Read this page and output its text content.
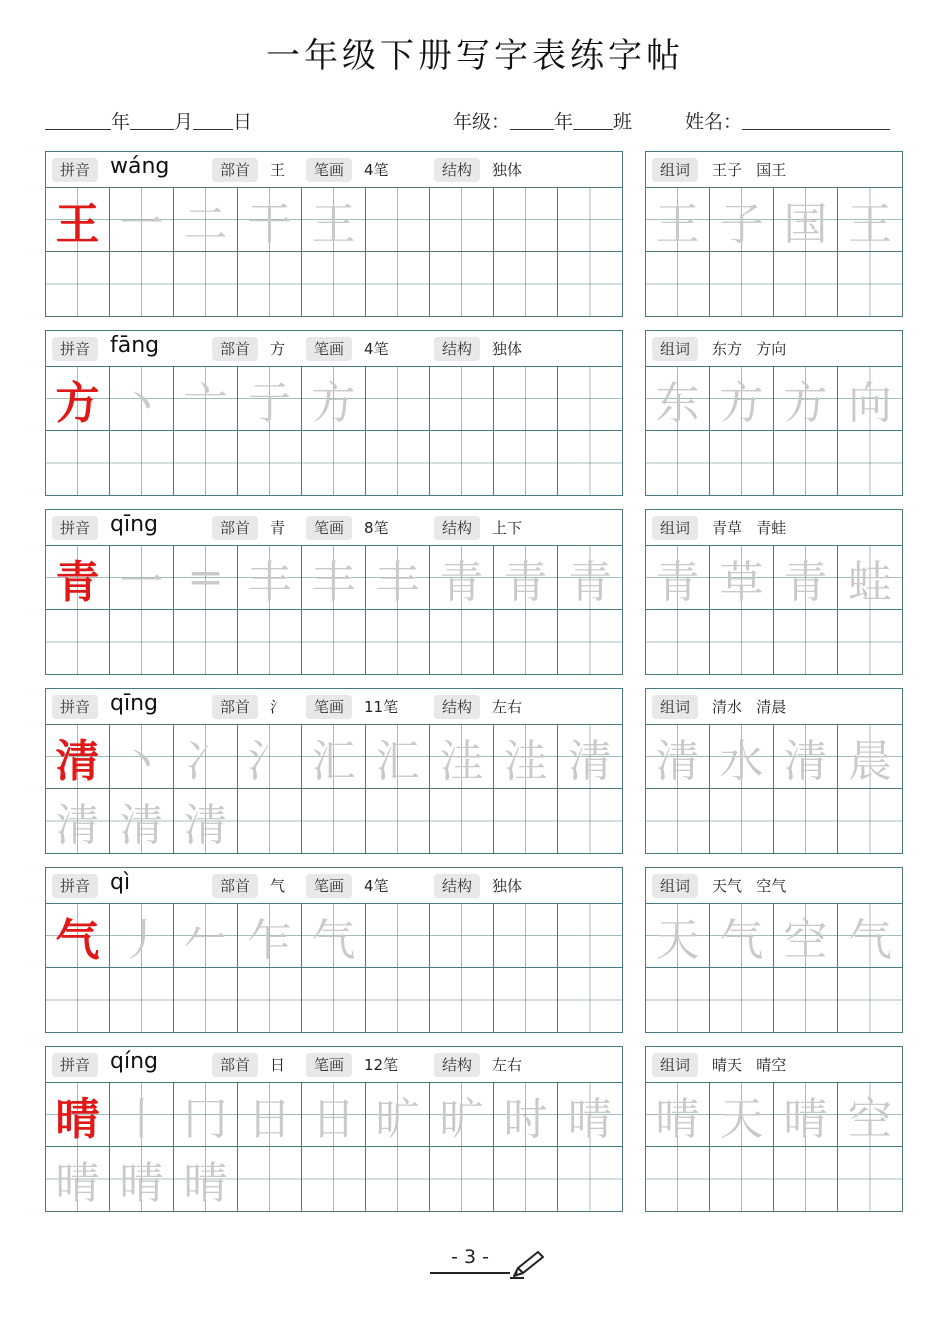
一年级下册写字表练字帖
年 月 日	年级： 年 班	姓名：
拼音 wáng	部首	王	笔画	4笔	结构	独体
王 一 二 干 王
组词	王子   国王
王 子 国 王
拼音 fāng	部首	方	笔画	4笔	结构	独体
方 丶 亠 亍 方
组词	东方   方向
东 方 方 向
拼音 qīng	部首	青	笔画	8笔	结构	上下
青 一 = 丰 丰 丰 青 青 青
组词	青草   青蛙
青 草 青 蛙
拼音 qīng	部首	氵	笔画	11笔	结构	左右
清 丶 冫 氵 汇 汇 洼 洼 清
清 清 清
组词	清水   清晨
清 水 清 晨
拼音 qì	部首	气	笔画	4笔	结构	独体
气 丿 𠂉 乍 气
组词	天气   空气
天 气 空 气
拼音 qíng	部首	日	笔画	12笔	结构	左右
晴 丨 冂 日 日 旷 旷 时 晴
晴 晴 晴
组词	晴天   晴空
晴 天 晴 空
- 3 -
